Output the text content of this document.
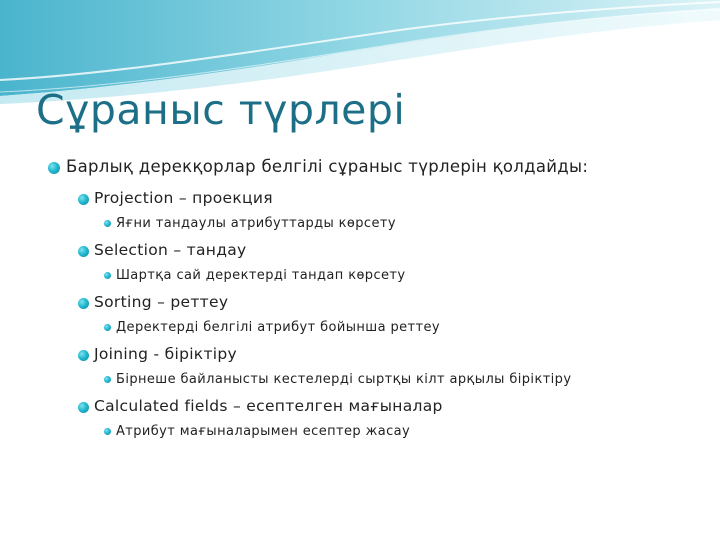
Сұраныс түрлері
Барлық дерекқорлар белгілі сұраныс түрлерін қолдайды:
Projection – проекция
Яғни тандаулы атрибуттарды көрсету
Selection – тандау
Шартқа сай деректерді тандап көрсету
Sorting – реттеу
Деректерді белгілі атрибут бойынша реттеу
Joining - біріктіру
Бірнеше байланысты кестелерді сыртқы кілт арқылы біріктіру
Calculated fields – есептелген мағыналар
Атрибут мағыналарымен есептер жасау
